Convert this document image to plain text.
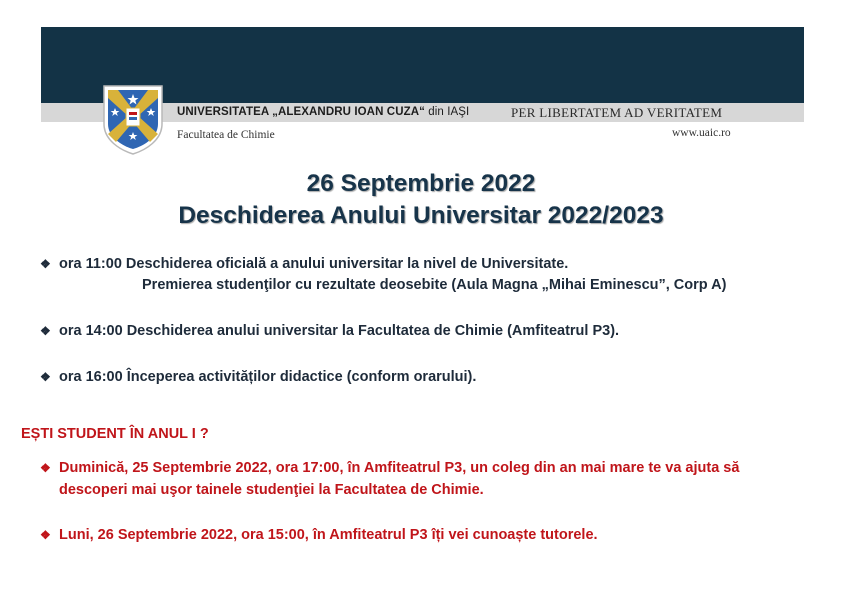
UNIVERSITATEA „ALEXANDRU IOAN CUZA“ din IAŞI	PER LIBERTATEM AD VERITATEM
Facultatea de Chimie	www.uaic.ro
26 Septembrie 2022
Deschiderea Anului Universitar 2022/2023
❖ ora 11:00 Deschiderea oficială a anului universitar la nivel de Universitate.
Premierea studenţilor cu rezultate deosebite (Aula Magna „Mihai Eminescu”, Corp A)
❖ ora 14:00 Deschiderea anului universitar la Facultatea de Chimie (Amfiteatrul P3).
❖ ora 16:00 Începerea activităților didactice (conform orarului).
EȘTI STUDENT ÎN ANUL I ?
❖ Duminică, 25 Septembrie 2022, ora 17:00, în Amfiteatrul P3, un coleg din an mai mare te va ajuta să
descoperi mai uşor tainele studenţiei la Facultatea de Chimie.
❖ Luni, 26 Septembrie 2022, ora 15:00, în Amfiteatrul P3 îți vei cunoaște tutorele.
